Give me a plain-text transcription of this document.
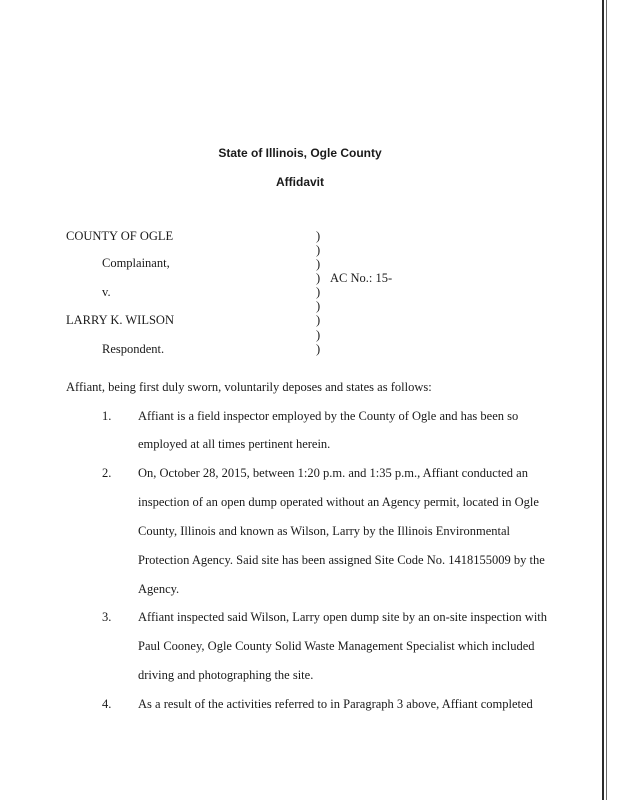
State of Illinois, Ogle County
Affidavit
COUNTY OF OGLE
Complainant,
v.
LARRY K. WILSON
Respondent.
AC No.: 15-
)
)
)
)
)
)
)
)
)
Affiant, being first duly sworn, voluntarily deposes and states as follows:
1. Affiant is a field inspector employed by the County of Ogle and has been so
employed at all times pertinent herein.
2. On, October 28, 2015, between 1:20 p.m. and 1:35 p.m., Affiant conducted an
inspection of an open dump operated without an Agency permit, located in Ogle
County, Illinois and known as Wilson, Larry by the Illinois Environmental
Protection Agency. Said site has been assigned Site Code No. 1418155009 by the
Agency.
3. Affiant inspected said Wilson, Larry open dump site by an on-site inspection with
Paul Cooney, Ogle County Solid Waste Management Specialist which included
driving and photographing the site.
4. As a result of the activities referred to in Paragraph 3 above, Affiant completed
